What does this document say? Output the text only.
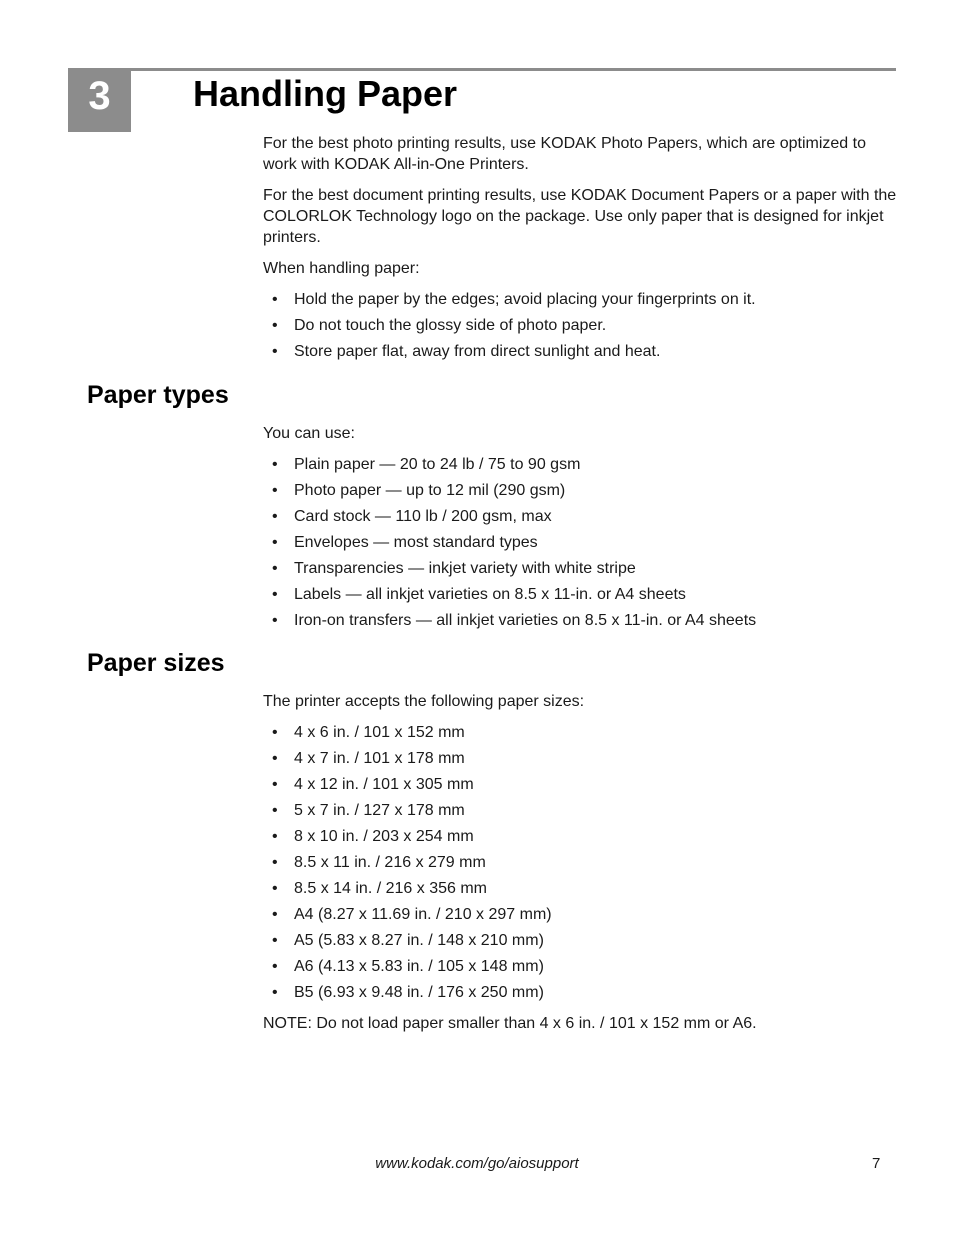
3	Handling Paper

For the best photo printing results, use KODAK Photo Papers, which are optimized to work with KODAK All-in-One Printers.

For the best document printing results, use KODAK Document Papers or a paper with the COLORLOK Technology logo on the package. Use only paper that is designed for inkjet printers.

When handling paper:

• Hold the paper by the edges; avoid placing your fingerprints on it.
• Do not touch the glossy side of photo paper.
• Store paper flat, away from direct sunlight and heat.
Paper types

You can use:

• Plain paper — 20 to 24 lb / 75 to 90 gsm
• Photo paper — up to 12 mil (290 gsm)
• Card stock — 110 lb / 200 gsm, max
• Envelopes — most standard types
• Transparencies — inkjet variety with white stripe
• Labels — all inkjet varieties on 8.5 x 11-in. or A4 sheets
• Iron-on transfers — all inkjet varieties on 8.5 x 11-in. or A4 sheets
Paper sizes

The printer accepts the following paper sizes:

• 4 x 6 in. / 101 x 152 mm
• 4 x 7 in. / 101 x 178 mm
• 4 x 12 in. / 101 x 305 mm
• 5 x 7 in. / 127 x 178 mm
• 8 x 10 in. / 203 x 254 mm
• 8.5 x 11 in. / 216 x 279 mm
• 8.5 x 14 in. / 216 x 356 mm
• A4 (8.27 x 11.69 in. / 210 x 297 mm)
• A5 (5.83 x 8.27 in. / 148 x 210 mm)
• A6 (4.13 x 5.83 in. / 105 x 148 mm)
• B5 (6.93 x 9.48 in. / 176 x 250 mm)
NOTE: Do not load paper smaller than 4 x 6 in. / 101 x 152 mm or A6.
www.kodak.com/go/aiosupport	7
